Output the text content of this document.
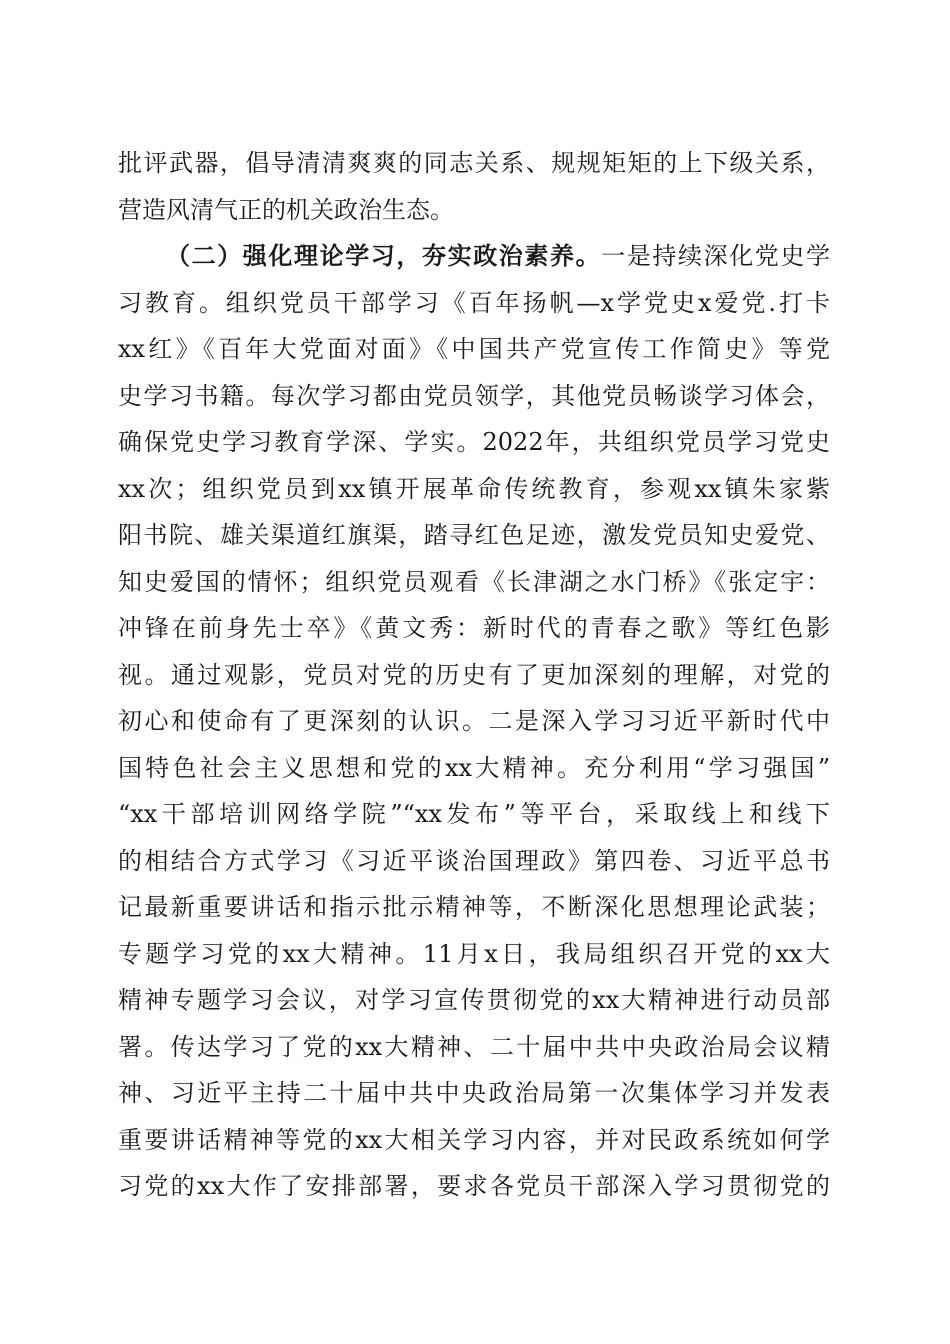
批评武器，倡导清清爽爽的同志关系、规规矩矩的上下级关系，
营造风清气正的机关政治生态。
（二）强化理论学习，夯实政治素养。一是持续深化党史学
习教育。组织党员干部学习《百年扬帆—x学党史x爱党.打卡
xx红》《百年大党面对面》《中国共产党宣传工作简史》等党
史学习书籍。每次学习都由党员领学，其他党员畅谈学习体会，
确保党史学习教育学深、学实。2022年，共组织党员学习党史
xx次；组织党员到xx镇开展革命传统教育，参观xx镇朱家紫
阳书院、雄关渠道红旗渠，踏寻红色足迹，激发党员知史爱党、
知史爱国的情怀；组织党员观看《长津湖之水门桥》《张定宇：
冲锋在前身先士卒》《黄文秀：新时代的青春之歌》等红色影
视。通过观影，党员对党的历史有了更加深刻的理解，对党的
初心和使命有了更深刻的认识。二是深入学习习近平新时代中
国特色社会主义思想和党的xx大精神。充分利用“学习强国”
“xx干部培训网络学院”“xx发布”等平台，采取线上和线下
的相结合方式学习《习近平谈治国理政》第四卷、习近平总书
记最新重要讲话和指示批示精神等，不断深化思想理论武装；
专题学习党的xx大精神。11月x日，我局组织召开党的xx大
精神专题学习会议，对学习宣传贯彻党的xx大精神进行动员部
署。传达学习了党的xx大精神、二十届中共中央政治局会议精
神、习近平主持二十届中共中央政治局第一次集体学习并发表
重要讲话精神等党的xx大相关学习内容，并对民政系统如何学
习党的xx大作了安排部署，要求各党员干部深入学习贯彻党的
